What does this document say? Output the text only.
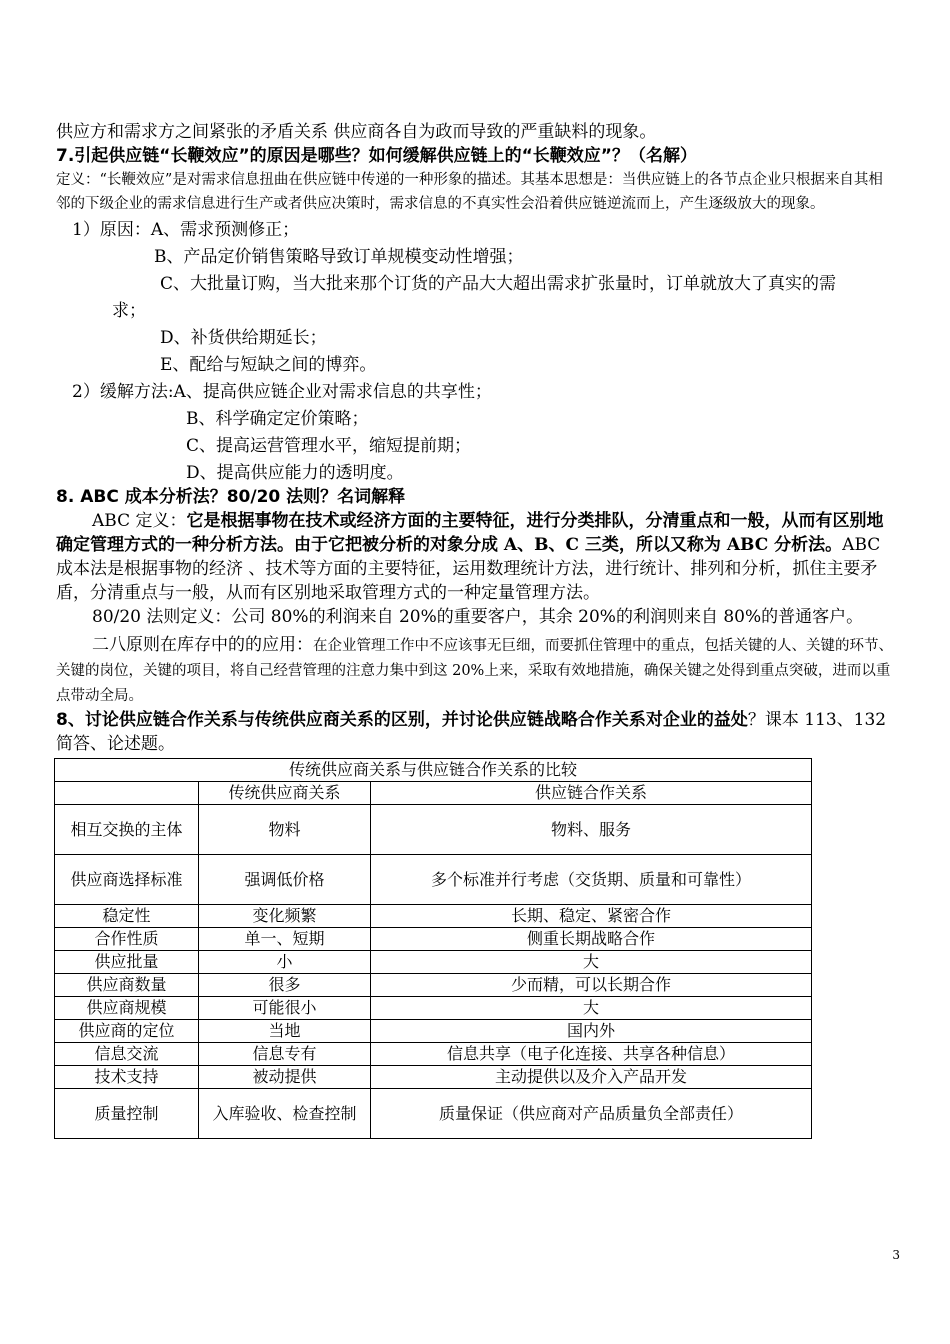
供应方和需求方之间紧张的矛盾关系 供应商各自为政而导致的严重缺料的现象。
7.引起供应链“长鞭效应”的原因是哪些？如何缓解供应链上的“长鞭效应”？（名解）
定义：“长鞭效应”是对需求信息扭曲在供应链中传递的一种形象的描述。其基本思想是：当供应链上的各节点企业只根据来自其相邻的下级企业的需求信息进行生产或者供应决策时，需求信息的不真实性会沿着供应链逆流而上，产生逐级放大的现象。
1）原因：A、需求预测修正；
B、产品定价销售策略导致订单规模变动性增强；
C、大批量订购，当大批来那个订货的产品大大超出需求扩张量时，订单就放大了真实的需
求；
D、补货供给期延长；
E、配给与短缺之间的博弈。
2）缓解方法:A、提高供应链企业对需求信息的共享性；
B、科学确定定价策略；
C、提高运营管理水平，缩短提前期；
D、提高供应能力的透明度。
8. ABC 成本分析法？80/20 法则？名词解释
ABC 定义：它是根据事物在技术或经济方面的主要特征，进行分类排队，分清重点和一般，从而有区别地确定管理方式的一种分析方法。由于它把被分析的对象分成 A、B、C 三类，所以又称为 ABC 分析法。ABC 成本法是根据事物的经济 、技术等方面的主要特征，运用数理统计方法，进行统计、排列和分析，抓住主要矛盾，分清重点与一般，从而有区别地采取管理方式的一种定量管理方法。
80/20 法则定义：公司 80%的利润来自 20%的重要客户，其余 20%的利润则来自 80%的普通客户。
二八原则在库存中的的应用：在企业管理工作中不应该事无巨细，而要抓住管理中的重点，包括关键的人、关键的环节、关键的岗位，关键的项目，将自己经营管理的注意力集中到这 20%上来，采取有效地措施，确保关键之处得到重点突破，进而以重点带动全局。
8、讨论供应链合作关系与传统供应商关系的区别，并讨论供应链战略合作关系对企业的益处？课本 113、132 简答、论述题。
传统供应商关系与供应链合作关系的比较		
	传统供应商关系	供应链合作关系
相互交换的主体	物料	物料、服务
供应商选择标准	强调低价格	多个标准并行考虑（交货期、质量和可靠性）
稳定性	变化频繁	长期、稳定、紧密合作
合作性质	单一、短期	侧重长期战略合作
供应批量	小	大
供应商数量	很多	少而精，可以长期合作
供应商规模	可能很小	大
供应商的定位	当地	国内外
信息交流	信息专有	信息共享（电子化连接、共享各种信息）
技术支持	被动提供	主动提供以及介入产品开发
质量控制	入库验收、检查控制	质量保证（供应商对产品质量负全部责任）
3
